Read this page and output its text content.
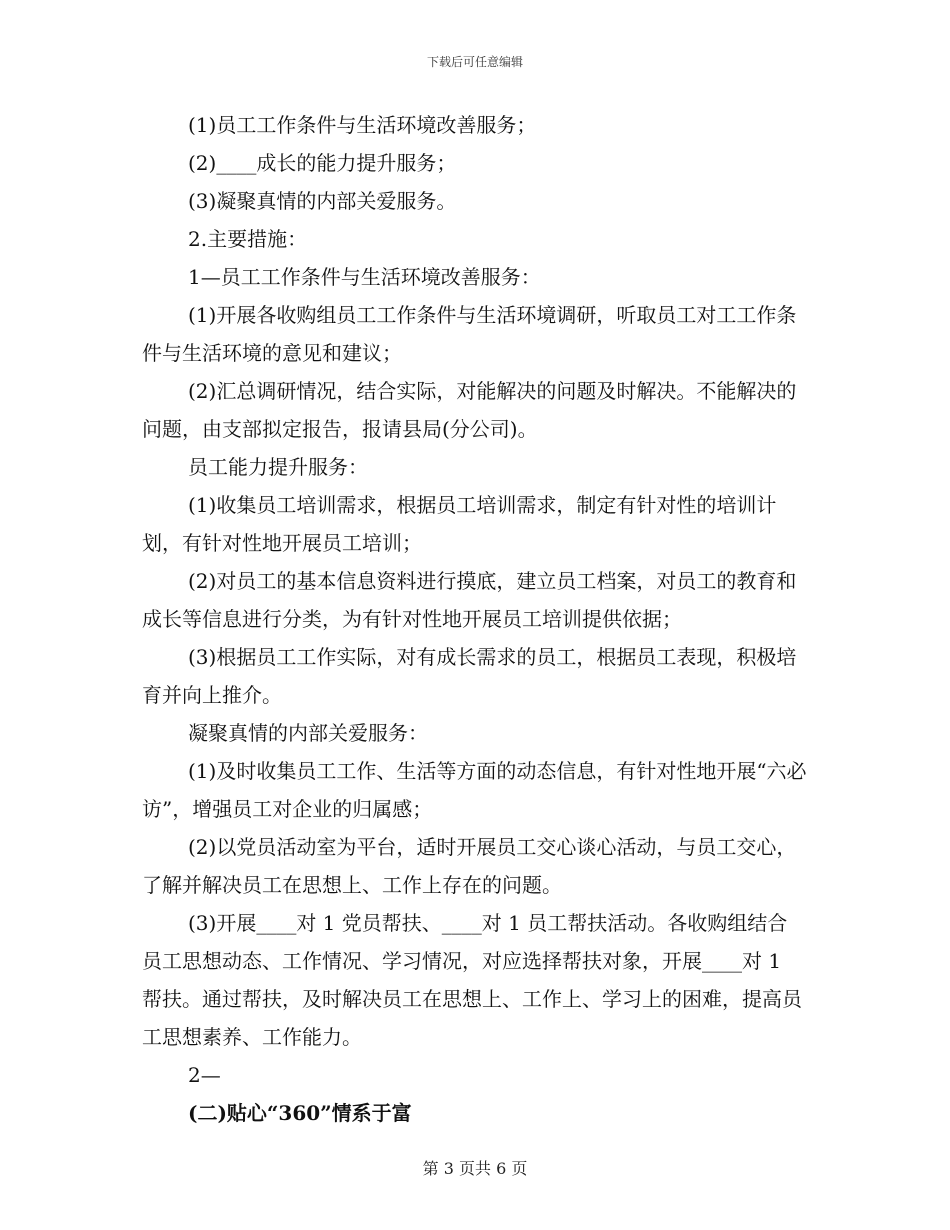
下载后可任意编辑

(1)员工工作条件与生活环境改善服务；

(2)____成长的能力提升服务；

(3)凝聚真情的内部关爱服务。

2.主要措施：

1—员工工作条件与生活环境改善服务：

(1)开展各收购组员工工作条件与生活环境调研，听取员工对工工作条件与生活环境的意见和建议；

(2)汇总调研情况，结合实际，对能解决的问题及时解决。不能解决的问题，由支部拟定报告，报请县局(分公司)。

员工能力提升服务：

(1)收集员工培训需求，根据员工培训需求，制定有针对性的培训计划，有针对性地开展员工培训；

(2)对员工的基本信息资料进行摸底，建立员工档案，对员工的教育和成长等信息进行分类，为有针对性地开展员工培训提供依据；

(3)根据员工工作实际，对有成长需求的员工，根据员工表现，积极培育并向上推介。

凝聚真情的内部关爱服务：

(1)及时收集员工工作、生活等方面的动态信息，有针对性地开展“六必访”，增强员工对企业的归属感；

(2)以党员活动室为平台，适时开展员工交心谈心活动，与员工交心，了解并解决员工在思想上、工作上存在的问题。

(3)开展____对 1 党员帮扶、____对 1 员工帮扶活动。各收购组结合员工思想动态、工作情况、学习情况，对应选择帮扶对象，开展____对 1 帮扶。通过帮扶，及时解决员工在思想上、工作上、学习上的困难，提高员工思想素养、工作能力。

2—

(二)贴心“360”情系于富

第 3 页共 6 页
